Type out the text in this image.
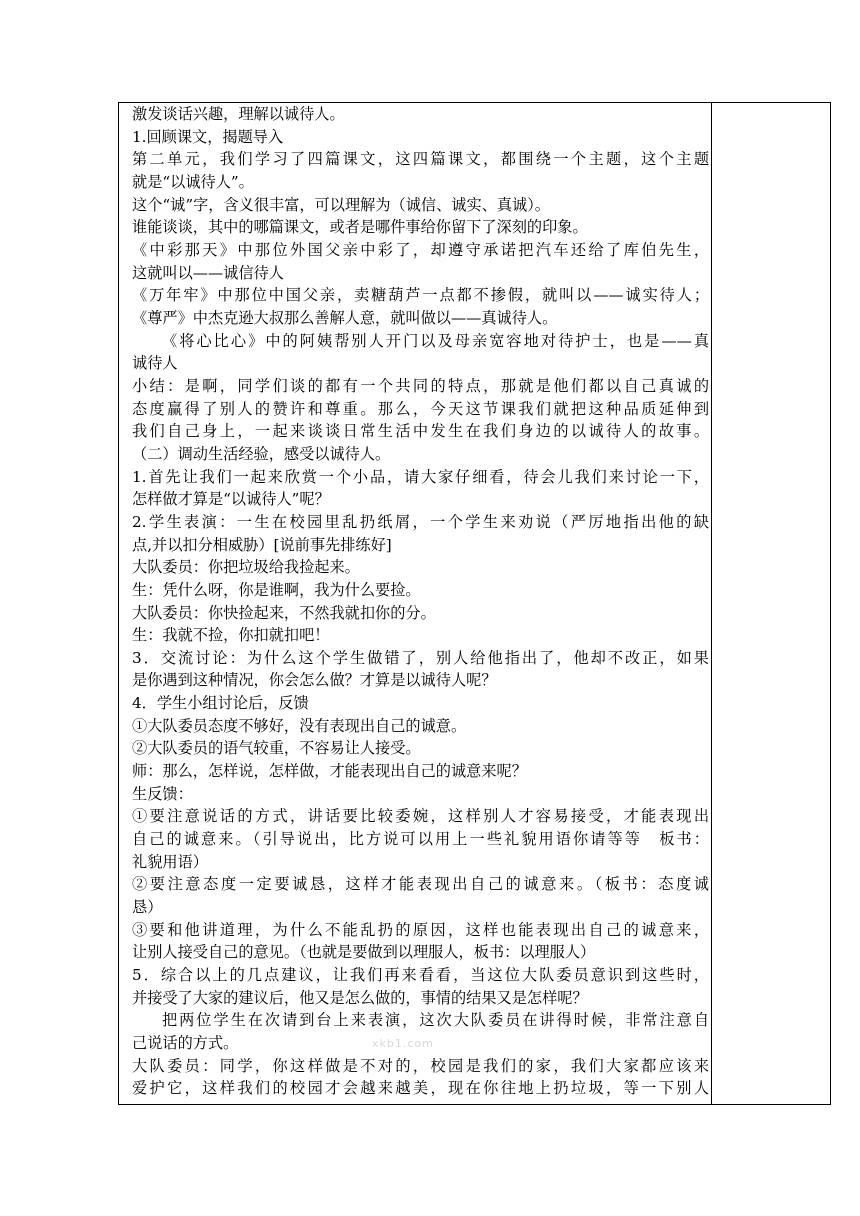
激发谈话兴趣，理解以诚待人。
1.回顾课文，揭题导入
第二单元，我们学习了四篇课文，这四篇课文，都围绕一个主题，这个主题
就是“以诚待人”。
这个“诚”字，含义很丰富，可以理解为（诚信、诚实、真诚）。
谁能谈谈，其中的哪篇课文，或者是哪件事给你留下了深刻的印象。
《中彩那天》中那位外国父亲中彩了，却遵守承诺把汽车还给了库伯先生，
这就叫以——诚信待人
《万年牢》中那位中国父亲，卖糖葫芦一点都不掺假，就叫以——诚实待人；
《尊严》中杰克逊大叔那么善解人意，就叫做以——真诚待人。
《将心比心》中的阿姨帮别人开门以及母亲宽容地对待护士，也是——真
诚待人
小结：是啊，同学们谈的都有一个共同的特点，那就是他们都以自己真诚的
态度赢得了别人的赞许和尊重。那么，今天这节课我们就把这种品质延伸到
我们自己身上，一起来谈谈日常生活中发生在我们身边的以诚待人的故事。
（二）调动生活经验，感受以诚待人。
1.首先让我们一起来欣赏一个小品，请大家仔细看，待会儿我们来讨论一下，
怎样做才算是“以诚待人”呢？
2.学生表演：一生在校园里乱扔纸屑，一个学生来劝说（严厉地指出他的缺
点,并以扣分相威胁）[说前事先排练好]
大队委员：你把垃圾给我捡起来。
生：凭什么呀，你是谁啊，我为什么要捡。
大队委员：你快捡起来，不然我就扣你的分。
生：我就不捡，你扣就扣吧！
3．交流讨论：为什么这个学生做错了，别人给他指出了，他却不改正，如果
是你遇到这种情况，你会怎么做？才算是以诚待人呢？
4．学生小组讨论后，反馈
①大队委员态度不够好，没有表现出自己的诚意。
②大队委员的语气较重，不容易让人接受。
师：那么，怎样说，怎样做，才能表现出自己的诚意来呢？
生反馈：
①要注意说话的方式，讲话要比较委婉，这样别人才容易接受，才能表现出
自己的诚意来。（引导说出，比方说可以用上一些礼貌用语你请等等　板书：
礼貌用语）
②要注意态度一定要诚恳，这样才能表现出自己的诚意来。（板书：态度诚
恳）
③要和他讲道理，为什么不能乱扔的原因，这样也能表现出自己的诚意来，
让别人接受自己的意见。（也就是要做到以理服人，板书：以理服人）
5．综合以上的几点建议，让我们再来看看，当这位大队委员意识到这些时，
并接受了大家的建议后，他又是怎么做的，事情的结果又是怎样呢？
把两位学生在次请到台上来表演，这次大队委员在讲得时候，非常注意自
己说话的方式。	xkb1.com
大队委员：同学，你这样做是不对的，校园是我们的家，我们大家都应该来
爱护它，这样我们的校园才会越来越美，现在你往地上扔垃圾，等一下别人
